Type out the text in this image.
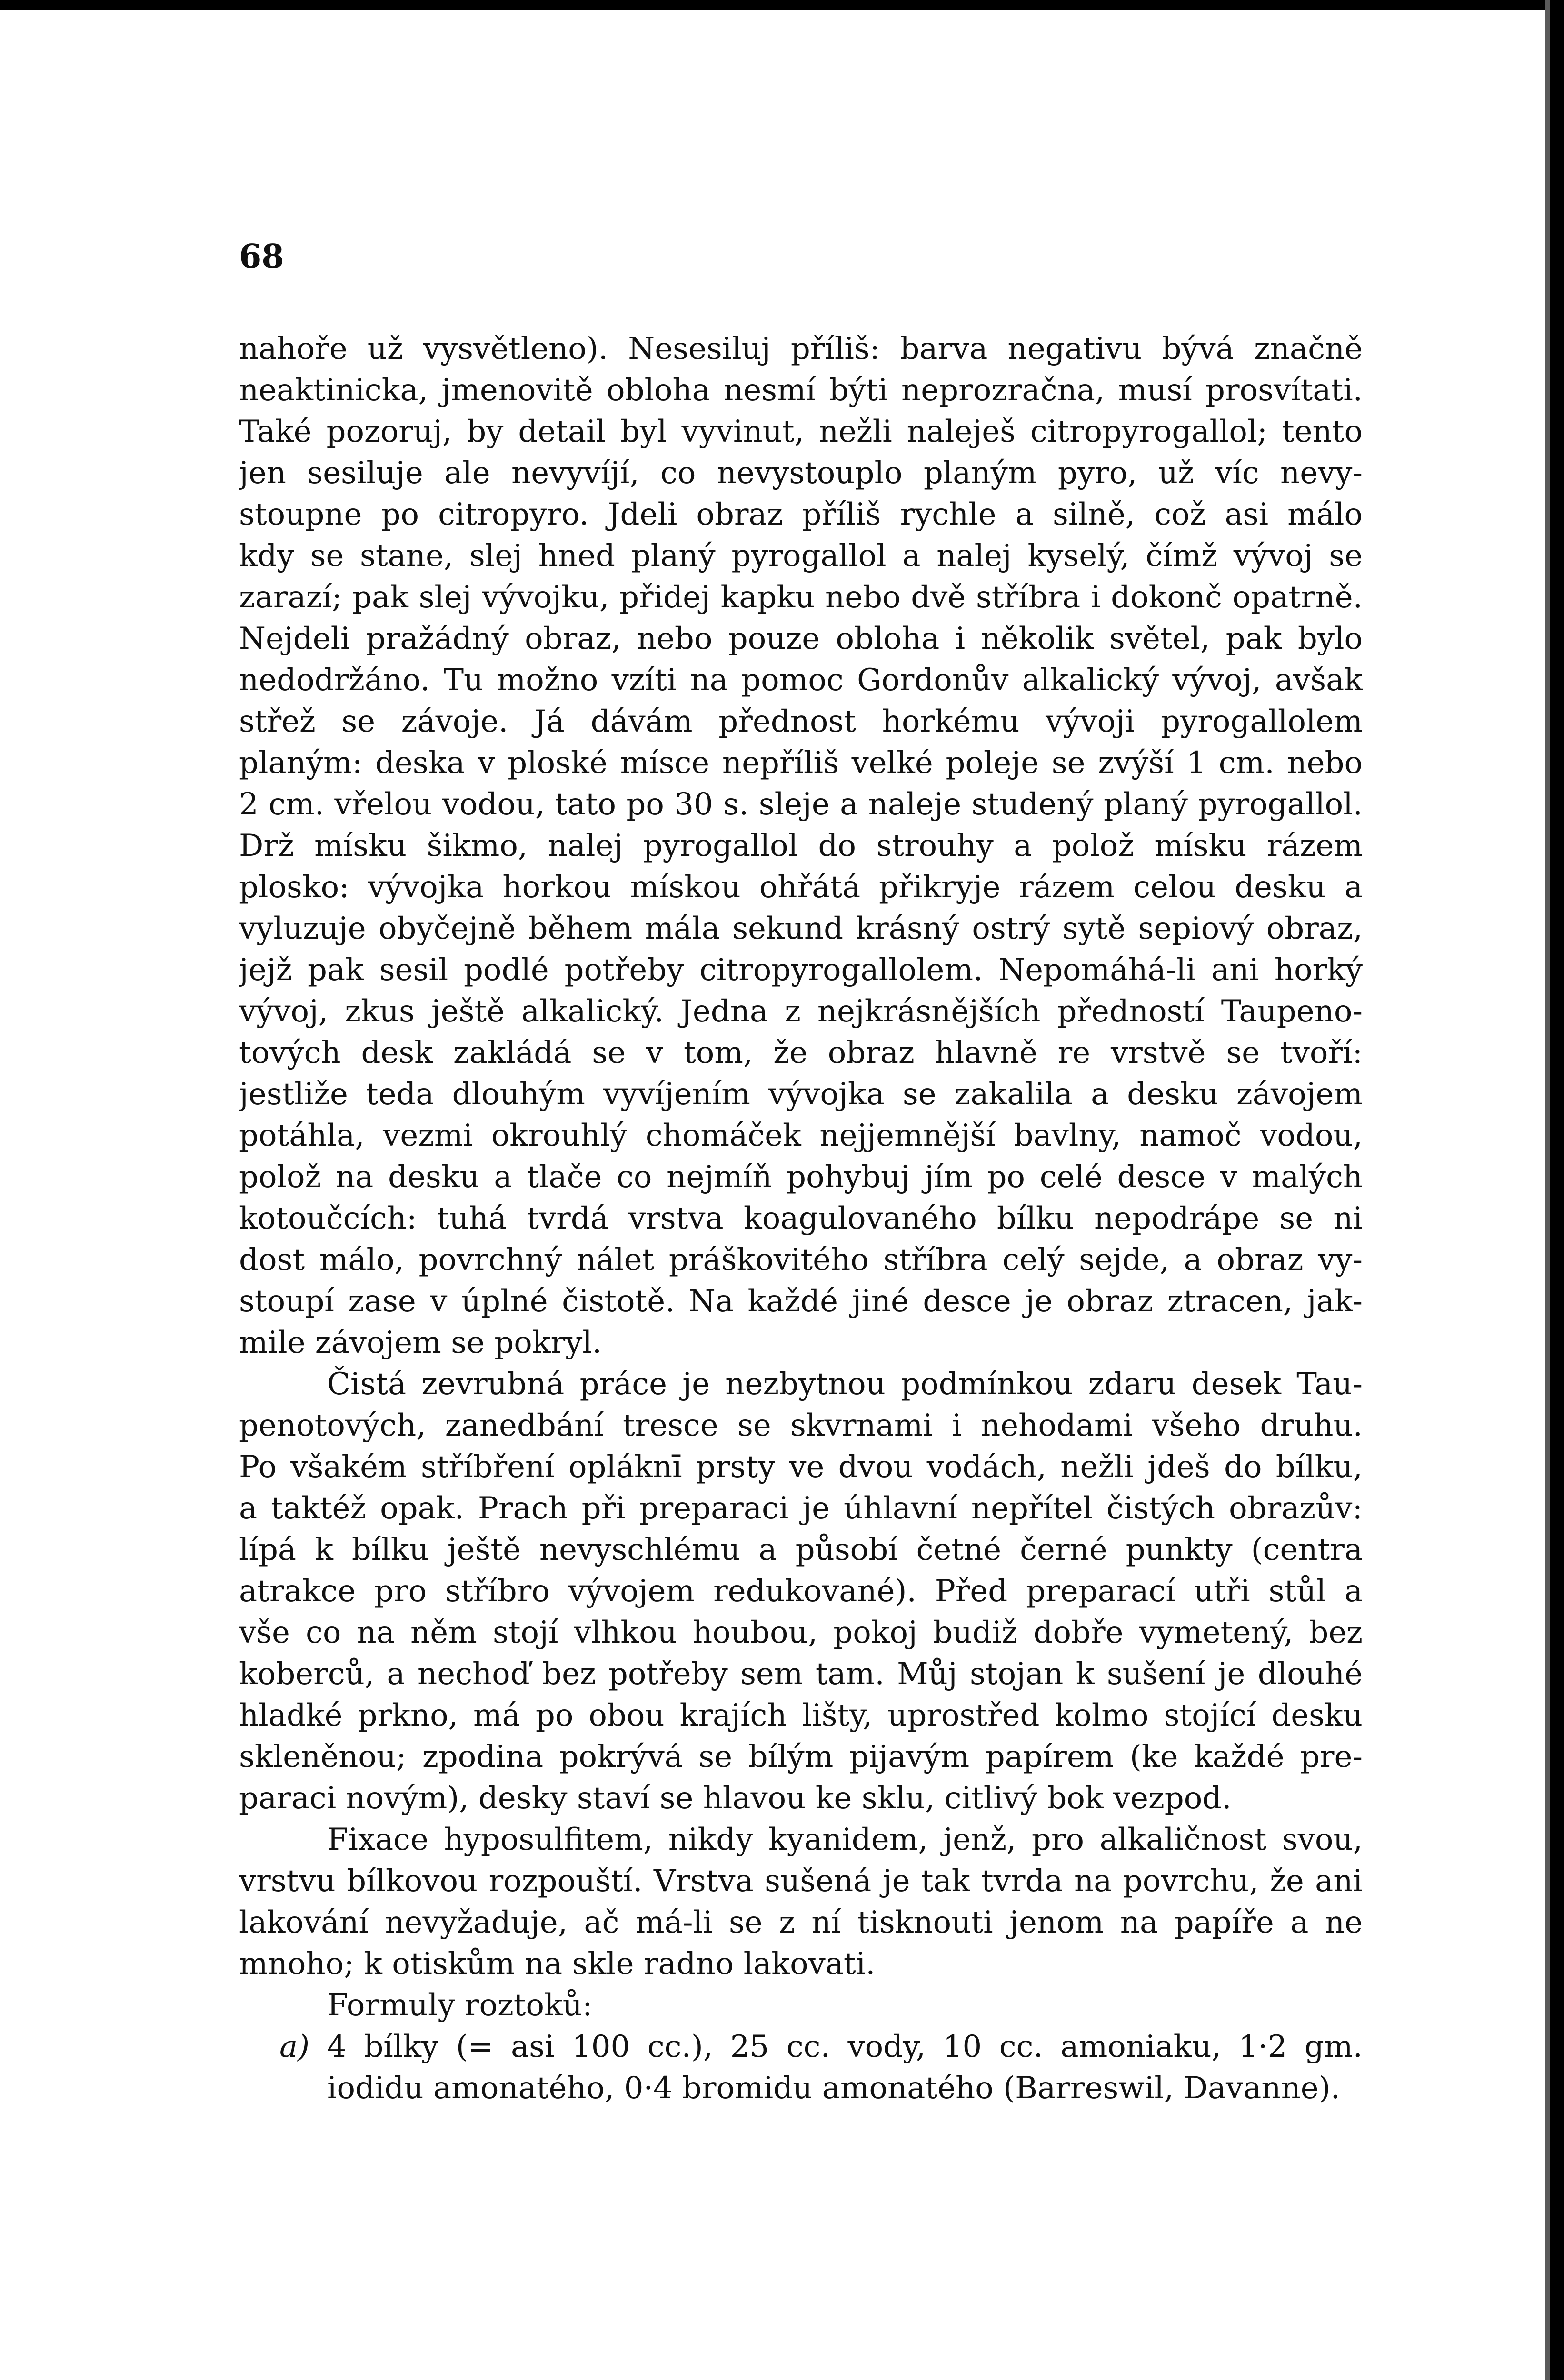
68
nahoře už vysvětleno). Nesesiluj příliš: barva negativu bývá značně
neaktinicka, jmenovitě obloha nesmí býti neprozračna, musí prosvítati.
Také pozoruj, by detail byl vyvinut, nežli naleješ citropyrogallol; tento
jen sesiluje ale nevyvíjí, co nevystouplo planým pyro, už víc nevy-
stoupne po citropyro. Jdeli obraz příliš rychle a silně, což asi málo
kdy se stane, slej hned planý pyrogallol a nalej kyselý, čímž vývoj se
zarazí; pak slej vývojku, přidej kapku nebo dvě stříbra i dokonč opatrně.
Nejdeli pražádný obraz, nebo pouze obloha i několik světel, pak bylo
nedodržáno. Tu možno vzíti na pomoc Gordonův alkalický vývoj, avšak
střež se závoje. Já dávám přednost horkému vývoji pyrogallolem
planým: deska v ploské mísce nepříliš velké poleje se zvýší 1 cm. nebo
2 cm. vřelou vodou, tato po 30 s. sleje a naleje studený planý pyrogallol.
Drž mísku šikmo, nalej pyrogallol do strouhy a polož mísku rázem
plosko: vývojka horkou mískou ohřátá přikryje rázem celou desku a
vyluzuje obyčejně během mála sekund krásný ostrý sytě sepiový obraz,
jejž pak sesil podlé potřeby citropyrogallolem. Nepomáhá-li ani horký
vývoj, zkus ještě alkalický. Jedna z nejkrásnějších předností Taupeno-
tových desk zakládá se v tom, že obraz hlavně re vrstvě se tvoří:
jestliže teda dlouhým vyvíjením vývojka se zakalila a desku závojem
potáhla, vezmi okrouhlý chomáček nejjemnější bavlny, namoč vodou,
polož na desku a tlače co nejmíň pohybuj jím po celé desce v malých
kotoučcích: tuhá tvrdá vrstva koagulovaného bílku nepodrápe se ni
dost málo, povrchný nálet práškovitého stříbra celý sejde, a obraz vy-
stoupí zase v úplné čistotě. Na každé jiné desce je obraz ztracen, jak-
mile závojem se pokryl.
Čistá zevrubná práce je nezbytnou podmínkou zdaru desek Tau-
penotových, zanedbání tresce se skvrnami i nehodami všeho druhu.
Po všakém stříbření opláknī prsty ve dvou vodách, nežli jdeš do bílku,
a taktéž opak. Prach při preparaci je úhlavní nepřítel čistých obrazův:
lípá k bílku ještě nevyschlému a působí četné černé punkty (centra
atrakce pro stříbro vývojem redukované). Před preparací utři stůl a
vše co na něm stojí vlhkou houbou, pokoj budiž dobře vymetený, bez
koberců, a nechoď bez potřeby sem tam. Můj stojan k sušení je dlouhé
hladké prkno, má po obou krajích lišty, uprostřed kolmo stojící desku
skleněnou; zpodina pokrývá se bílým pijavým papírem (ke každé pre-
paraci novým), desky staví se hlavou ke sklu, citlivý bok vezpod.
Fixace hyposulfitem, nikdy kyanidem, jenž, pro alkaličnost svou,
vrstvu bílkovou rozpouští. Vrstva sušená je tak tvrda na povrchu, že ani
lakování nevyžaduje, ač má-li se z ní tisknouti jenom na papíře a ne
mnoho; k otiskům na skle radno lakovati.
Formuly roztoků:
a) 4 bílky (= asi 100 cc.), 25 cc. vody, 10 cc. amoniaku, 1·2 gm.
iodidu amonatého, 0·4 bromidu amonatého (Barreswil, Davanne).
